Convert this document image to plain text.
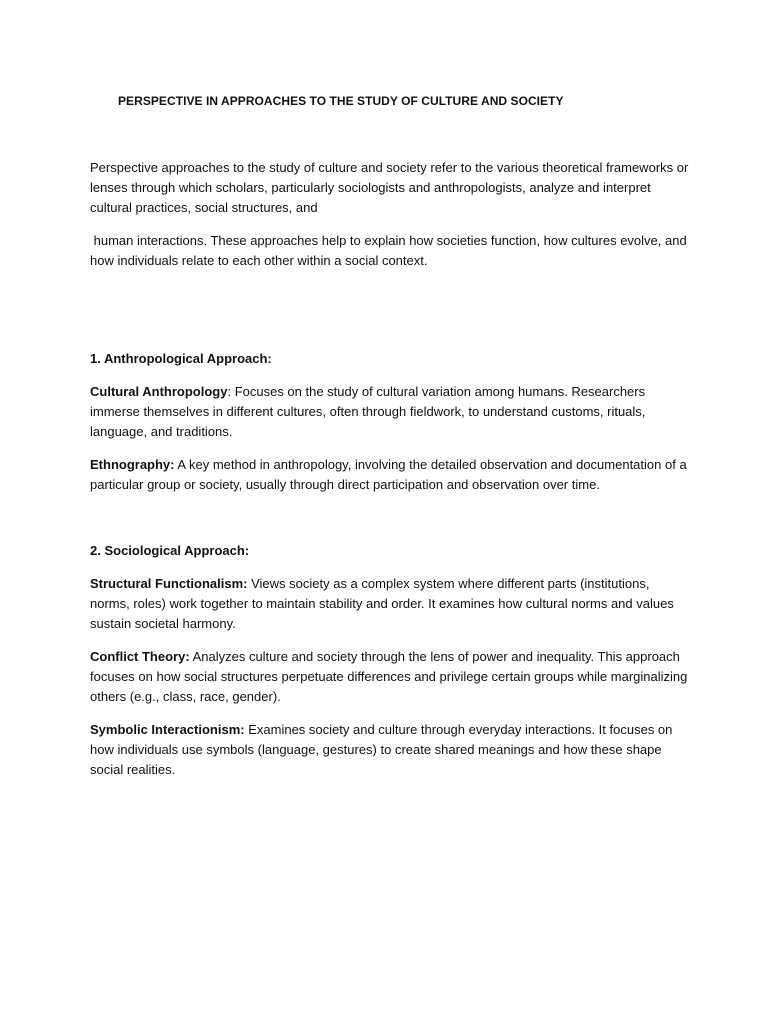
PERSPECTIVE IN APPROACHES TO THE STUDY OF CULTURE AND SOCIETY

Perspective approaches to the study of culture and society refer to the various theoretical frameworks or lenses through which scholars, particularly sociologists and anthropologists, analyze and interpret cultural practices, social structures, and

human interactions. These approaches help to explain how societies function, how cultures evolve, and how individuals relate to each other within a social context.

1. Anthropological Approach:

Cultural Anthropology: Focuses on the study of cultural variation among humans. Researchers immerse themselves in different cultures, often through fieldwork, to understand customs, rituals, language, and traditions.

Ethnography: A key method in anthropology, involving the detailed observation and documentation of a particular group or society, usually through direct participation and observation over time.

2. Sociological Approach:

Structural Functionalism: Views society as a complex system where different parts (institutions, norms, roles) work together to maintain stability and order. It examines how cultural norms and values sustain societal harmony.

Conflict Theory: Analyzes culture and society through the lens of power and inequality. This approach focuses on how social structures perpetuate differences and privilege certain groups while marginalizing others (e.g., class, race, gender).

Symbolic Interactionism: Examines society and culture through everyday interactions. It focuses on how individuals use symbols (language, gestures) to create shared meanings and how these shape social realities.
